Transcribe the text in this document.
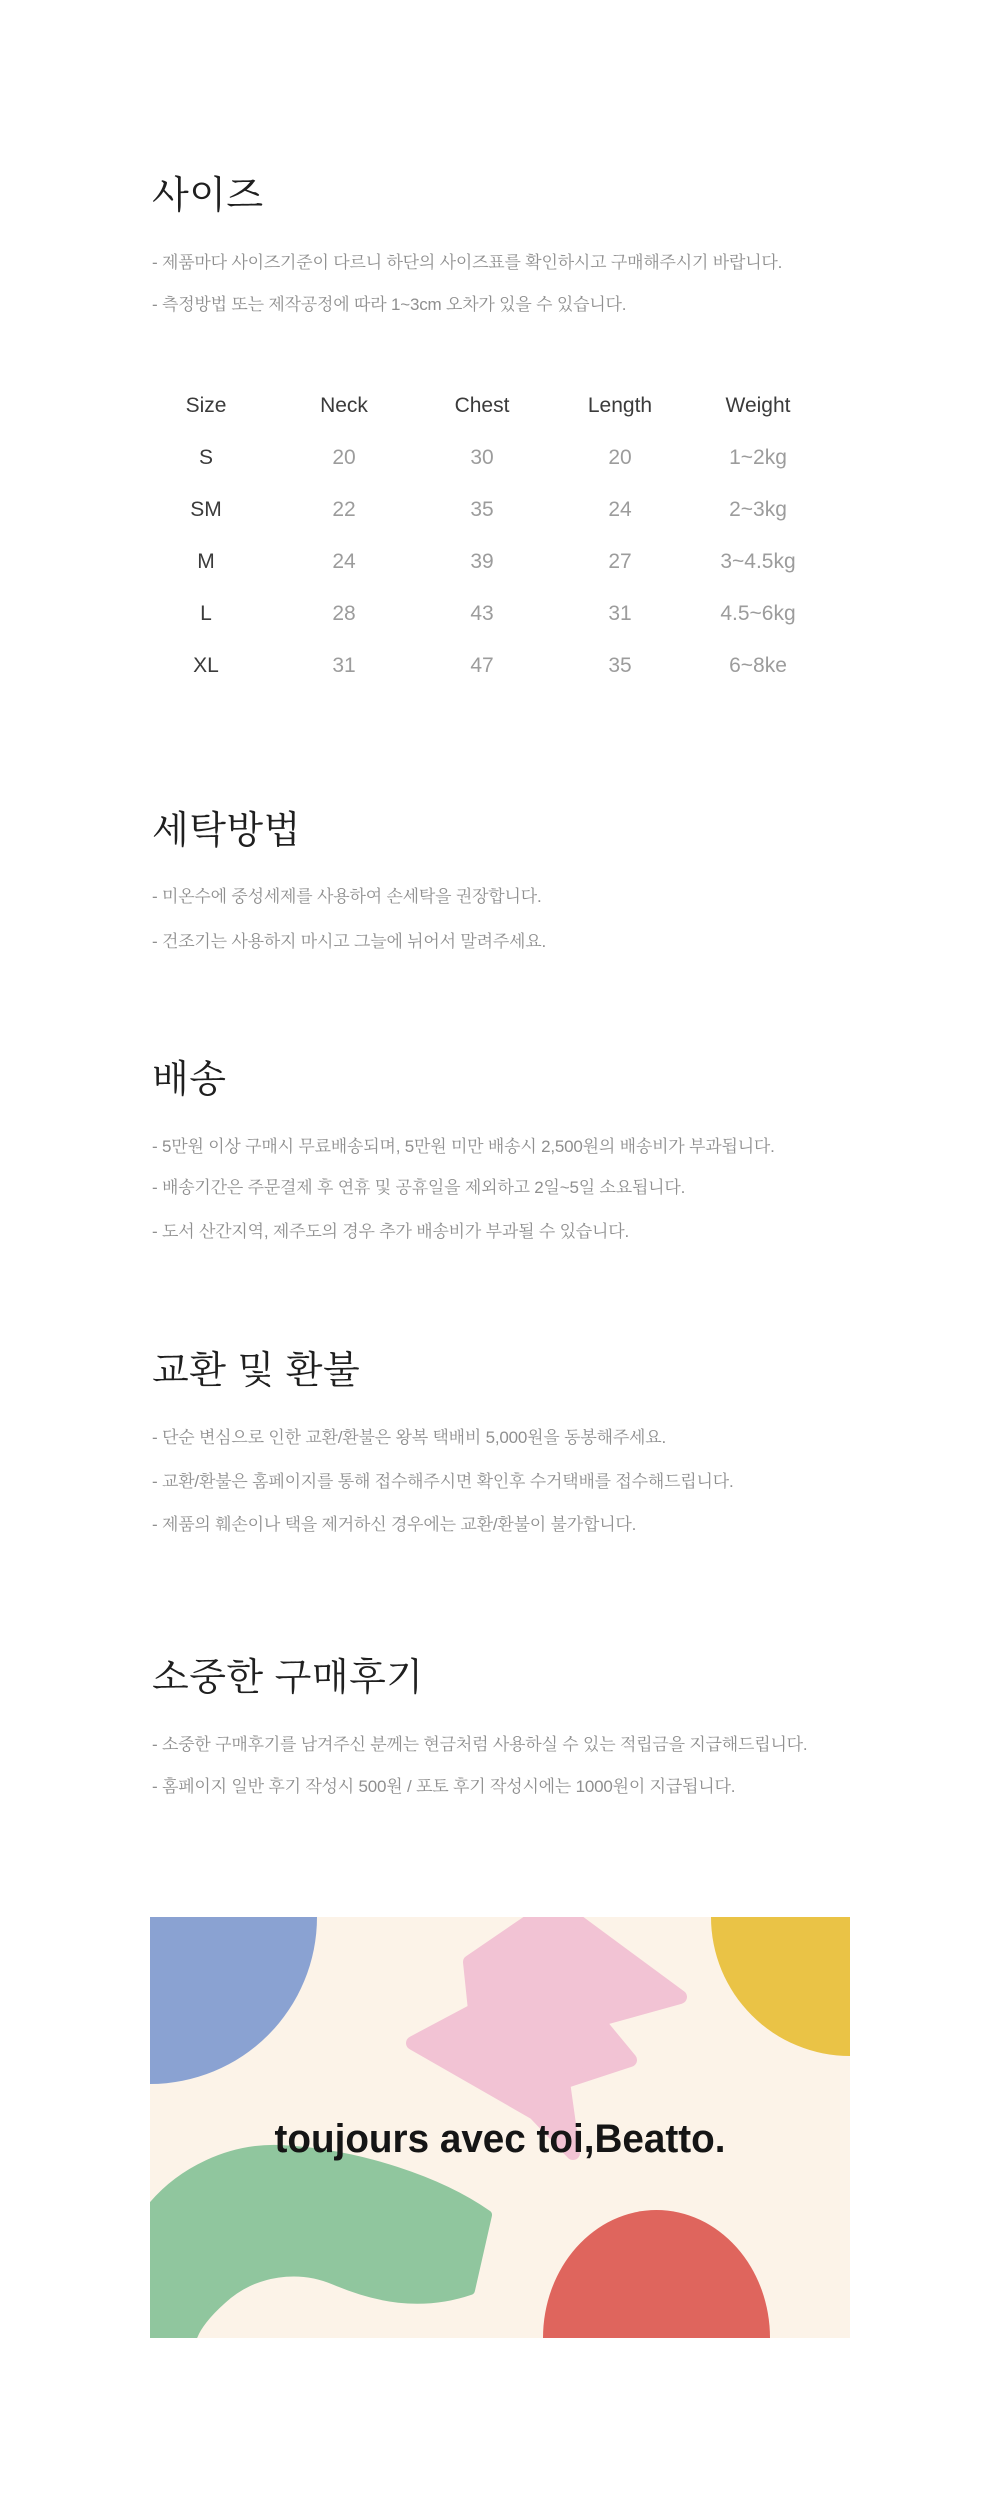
사이즈
- 제품마다 사이즈기준이 다르니 하단의 사이즈표를 확인하시고 구매해주시기 바랍니다.
- 측정방법 또는 제작공정에 따라 1~3cm 오차가 있을 수 있습니다.
Size	Neck	Chest	Length	Weight
S	20	30	20	1~2kg
SM	22	35	24	2~3kg
M	24	39	27	3~4.5kg
L	28	43	31	4.5~6kg
XL	31	47	35	6~8ke
세탁방법
- 미온수에 중성세제를 사용하여 손세탁을 권장합니다.
- 건조기는 사용하지 마시고 그늘에 뉘어서 말려주세요.
배송
- 5만원 이상 구매시 무료배송되며, 5만원 미만 배송시 2,500원의 배송비가 부과됩니다.
- 배송기간은 주문결제 후 연휴 및 공휴일을 제외하고 2일~5일 소요됩니다.
- 도서 산간지역, 제주도의 경우 추가 배송비가 부과될 수 있습니다.
교환 및 환불
- 단순 변심으로 인한 교환/환불은 왕복 택배비 5,000원을 동봉해주세요.
- 교환/환불은 홈페이지를 통해 접수해주시면 확인후 수거택배를 접수해드립니다.
- 제품의 훼손이나 택을 제거하신 경우에는 교환/환불이 불가합니다.
소중한 구매후기
- 소중한 구매후기를 남겨주신 분께는 현금처럼 사용하실 수 있는 적립금을 지급해드립니다.
- 홈페이지 일반 후기 작성시 500원 / 포토 후기 작성시에는 1000원이 지급됩니다.
toujours avec toi,Beatto.
